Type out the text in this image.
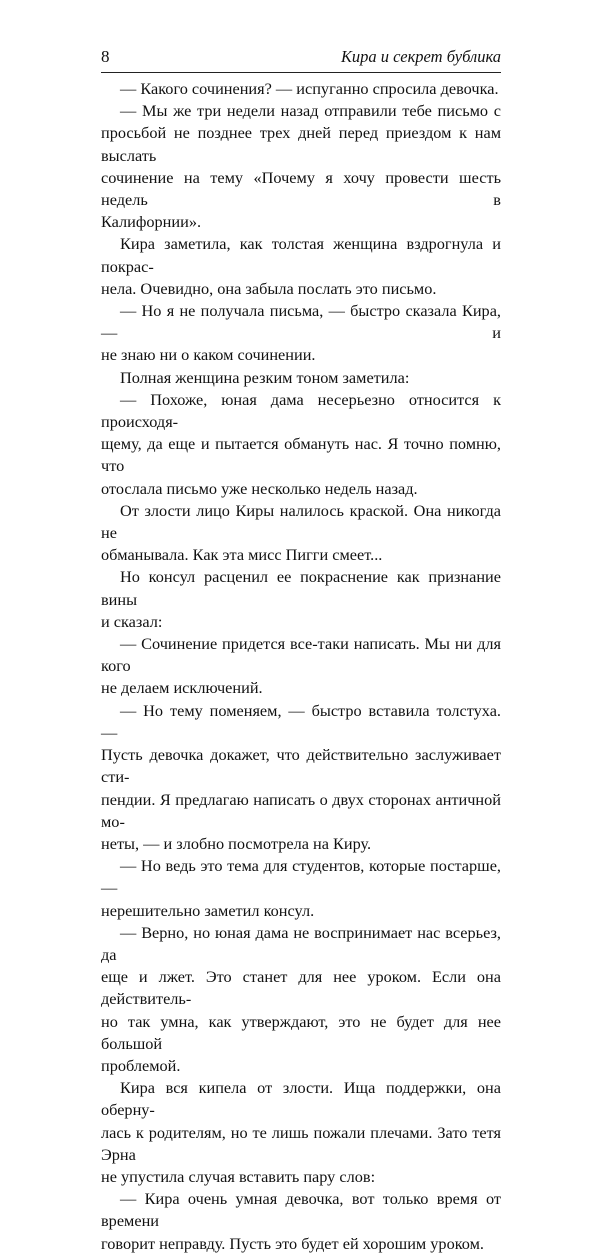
8	Кира и секрет бублика
— Какого сочинения? — испуганно спросила девочка.
— Мы же три недели назад отправили тебе письмо с
просьбой не позднее трех дней перед приездом к нам выслать
сочинение на тему «Почему я хочу провести шесть недель в
Калифорнии».
Кира заметила, как толстая женщина вздрогнула и покрас-
нела. Очевидно, она забыла послать это письмо.
— Но я не получала письма, — быстро сказала Кира, — и
не знаю ни о каком сочинении.
Полная женщина резким тоном заметила:
— Похоже, юная дама несерьезно относится к происходя-
щему, да еще и пытается обмануть нас. Я точно помню, что
отослала письмо уже несколько недель назад.
От злости лицо Киры налилось краской. Она никогда не
обманывала. Как эта мисс Пигги смеет...
Но консул расценил ее покраснение как признание вины
и сказал:
— Сочинение придется все-таки написать. Мы ни для кого
не делаем исключений.
— Но тему поменяем, — быстро вставила толстуха. —
Пусть девочка докажет, что действительно заслуживает сти-
пендии. Я предлагаю написать о двух сторонах античной мо-
неты, — и злобно посмотрела на Киру.
— Но ведь это тема для студентов, которые постарше, —
нерешительно заметил консул.
— Верно, но юная дама не воспринимает нас всерьез, да
еще и лжет. Это станет для нее уроком. Если она действитель-
но так умна, как утверждают, это не будет для нее большой
проблемой.
Кира вся кипела от злости. Ища поддержки, она оберну-
лась к родителям, но те лишь пожали плечами. Зато тетя Эрна
не упустила случая вставить пару слов:
— Кира очень умная девочка, вот только время от времени
говорит неправду. Пусть это будет ей хорошим уроком.
